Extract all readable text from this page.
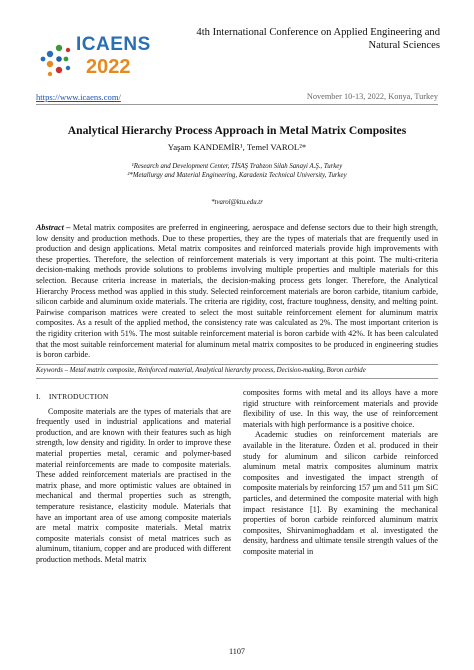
ICAENS
2022
4th International Conference on Applied Engineering and
Natural Sciences
https://www.icaens.com/	November 10-13, 2022, Konya, Turkey
Analytical Hierarchy Process Approach in Metal Matrix Composites
Yaşam KANDEMİR¹, Temel VAROL²*
¹Research and Development Center, TİSAŞ Trabzon Silah Sanayi A.Ş., Turkey
²*Metallurgy and Material Engineering, Karadeniz Technical University, Turkey
*tvarol@ktu.edu.tr
Abstract – Metal matrix composites are preferred in engineering, aerospace and defense sectors due to their high strength, low density and production methods. Due to these properties, they are the types of materials that are frequently used in production and design applications. Metal matrix composites and reinforced materials provide high improvements with these properties. Therefore, the selection of reinforcement materials is very important at this point. The multi-criteria decision-making methods provide solutions to problems involving multiple properties and multiple materials for this selection. Because criteria increase in materials, the decision-making process gets longer. Therefore, the Analytical Hierarchy Process method was applied in this study. Selected reinforcement materials are boron carbide, titanium carbide, silicon carbide and aluminum oxide materials. The criteria are rigidity, cost, fracture toughness, density, and melting point. Pairwise comparison matrices were created to select the most suitable reinforcement element for aluminum matrix composites. As a result of the applied method, the consistency rate was calculated as 2%. The most important criterion is the rigidity criterion with 51%. The most suitable reinforcement material is boron carbide with 42%. It has been calculated that the most suitable reinforcement material for aluminum metal matrix composites to be produced in engineering studies is boron carbide.
Keywords – Metal matrix composite, Reinforced material, Analytical hierarchy process, Decision-making, Boron carbide
I. INTRODUCTION

Composite materials are the types of materials that are frequently used in industrial applications and material production, and are known with their features such as high strength, low density and rigidity. In order to improve these material properties metal, ceramic and polymer-based material reinforcements are made to composite materials. These added reinforcement materials are practised in the matrix phase, and more optimistic values are obtained in mechanical and thermal properties such as strength, temperature resistance, elasticity module. Materials that have an important area of use among composite materials are metal matrix composite materials. Metal matrix composite materials consist of metal matrices such as aluminum, titanium, copper and are produced with different production methods. Metal matrix

composites forms with metal and its alloys have a more rigid structure with reinforcement materials and provide flexibility of use. In this way, the use of reinforcement materials with high performance is a positive choice.

Academic studies on reinforcement materials are available in the literature. Özden et al. produced in their study for aluminum and silicon carbide reinforced aluminum metal matrix composites aluminum matrix composites and investigated the impact strength of composite materials by reinforcing 157 µm and 511 µm SiC particles, and determined the composite material with high impact resistance [1]. By examining the mechanical properties of boron carbide reinforced aluminum matrix composites, Shirvanimoghaddam et al. investigated the density, hardness and ultimate tensile strength values of the composite material in

1107
